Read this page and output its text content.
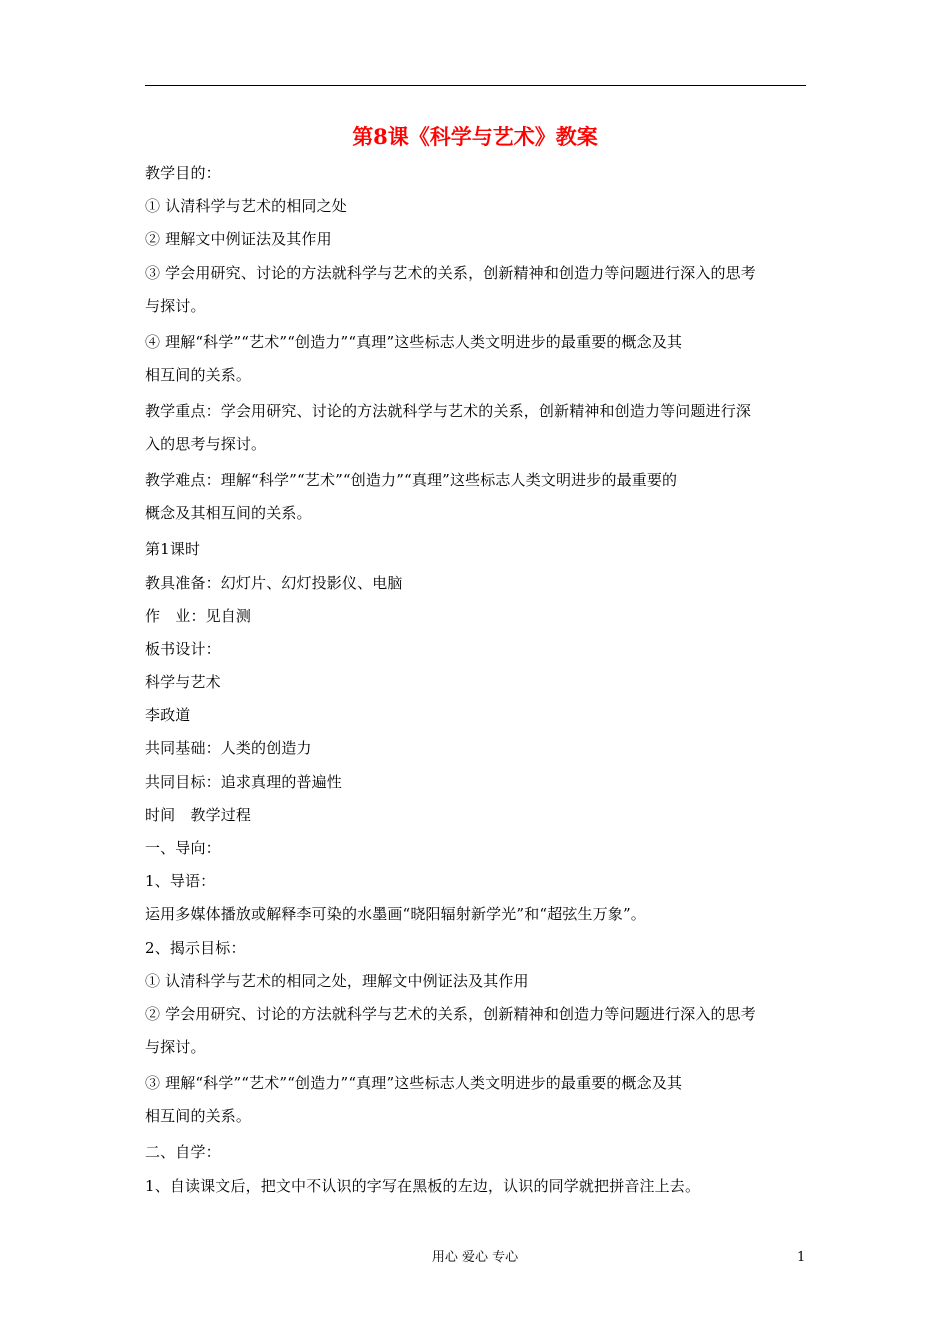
第8课《科学与艺术》教案
教学目的：
① 认清科学与艺术的相同之处
② 理解文中例证法及其作用
③ 学会用研究、讨论的方法就科学与艺术的关系，创新精神和创造力等问题进行深入的思考
与探讨。
④ 理解“科学”“艺术”“创造力”“真理”这些标志人类文明进步的最重要的概念及其
相互间的关系。
教学重点：学会用研究、讨论的方法就科学与艺术的关系，创新精神和创造力等问题进行深
入的思考与探讨。
教学难点：理解“科学”“艺术”“创造力”“真理”这些标志人类文明进步的最重要的
概念及其相互间的关系。
第1课时
教具准备：幻灯片、幻灯投影仪、电脑
作　业：见自测
板书设计：
科学与艺术
李政道
共同基础：人类的创造力
共同目标：追求真理的普遍性
时间　教学过程
一、导向：
1、导语：
运用多媒体播放或解释李可染的水墨画“晓阳辐射新学光”和“超弦生万象”。
2、揭示目标：
① 认清科学与艺术的相同之处，理解文中例证法及其作用
② 学会用研究、讨论的方法就科学与艺术的关系，创新精神和创造力等问题进行深入的思考
与探讨。
③ 理解“科学”“艺术”“创造力”“真理”这些标志人类文明进步的最重要的概念及其
相互间的关系。
二、自学：
1、自读课文后，把文中不认识的字写在黑板的左边，认识的同学就把拼音注上去。
用心 爱心 专心	1
